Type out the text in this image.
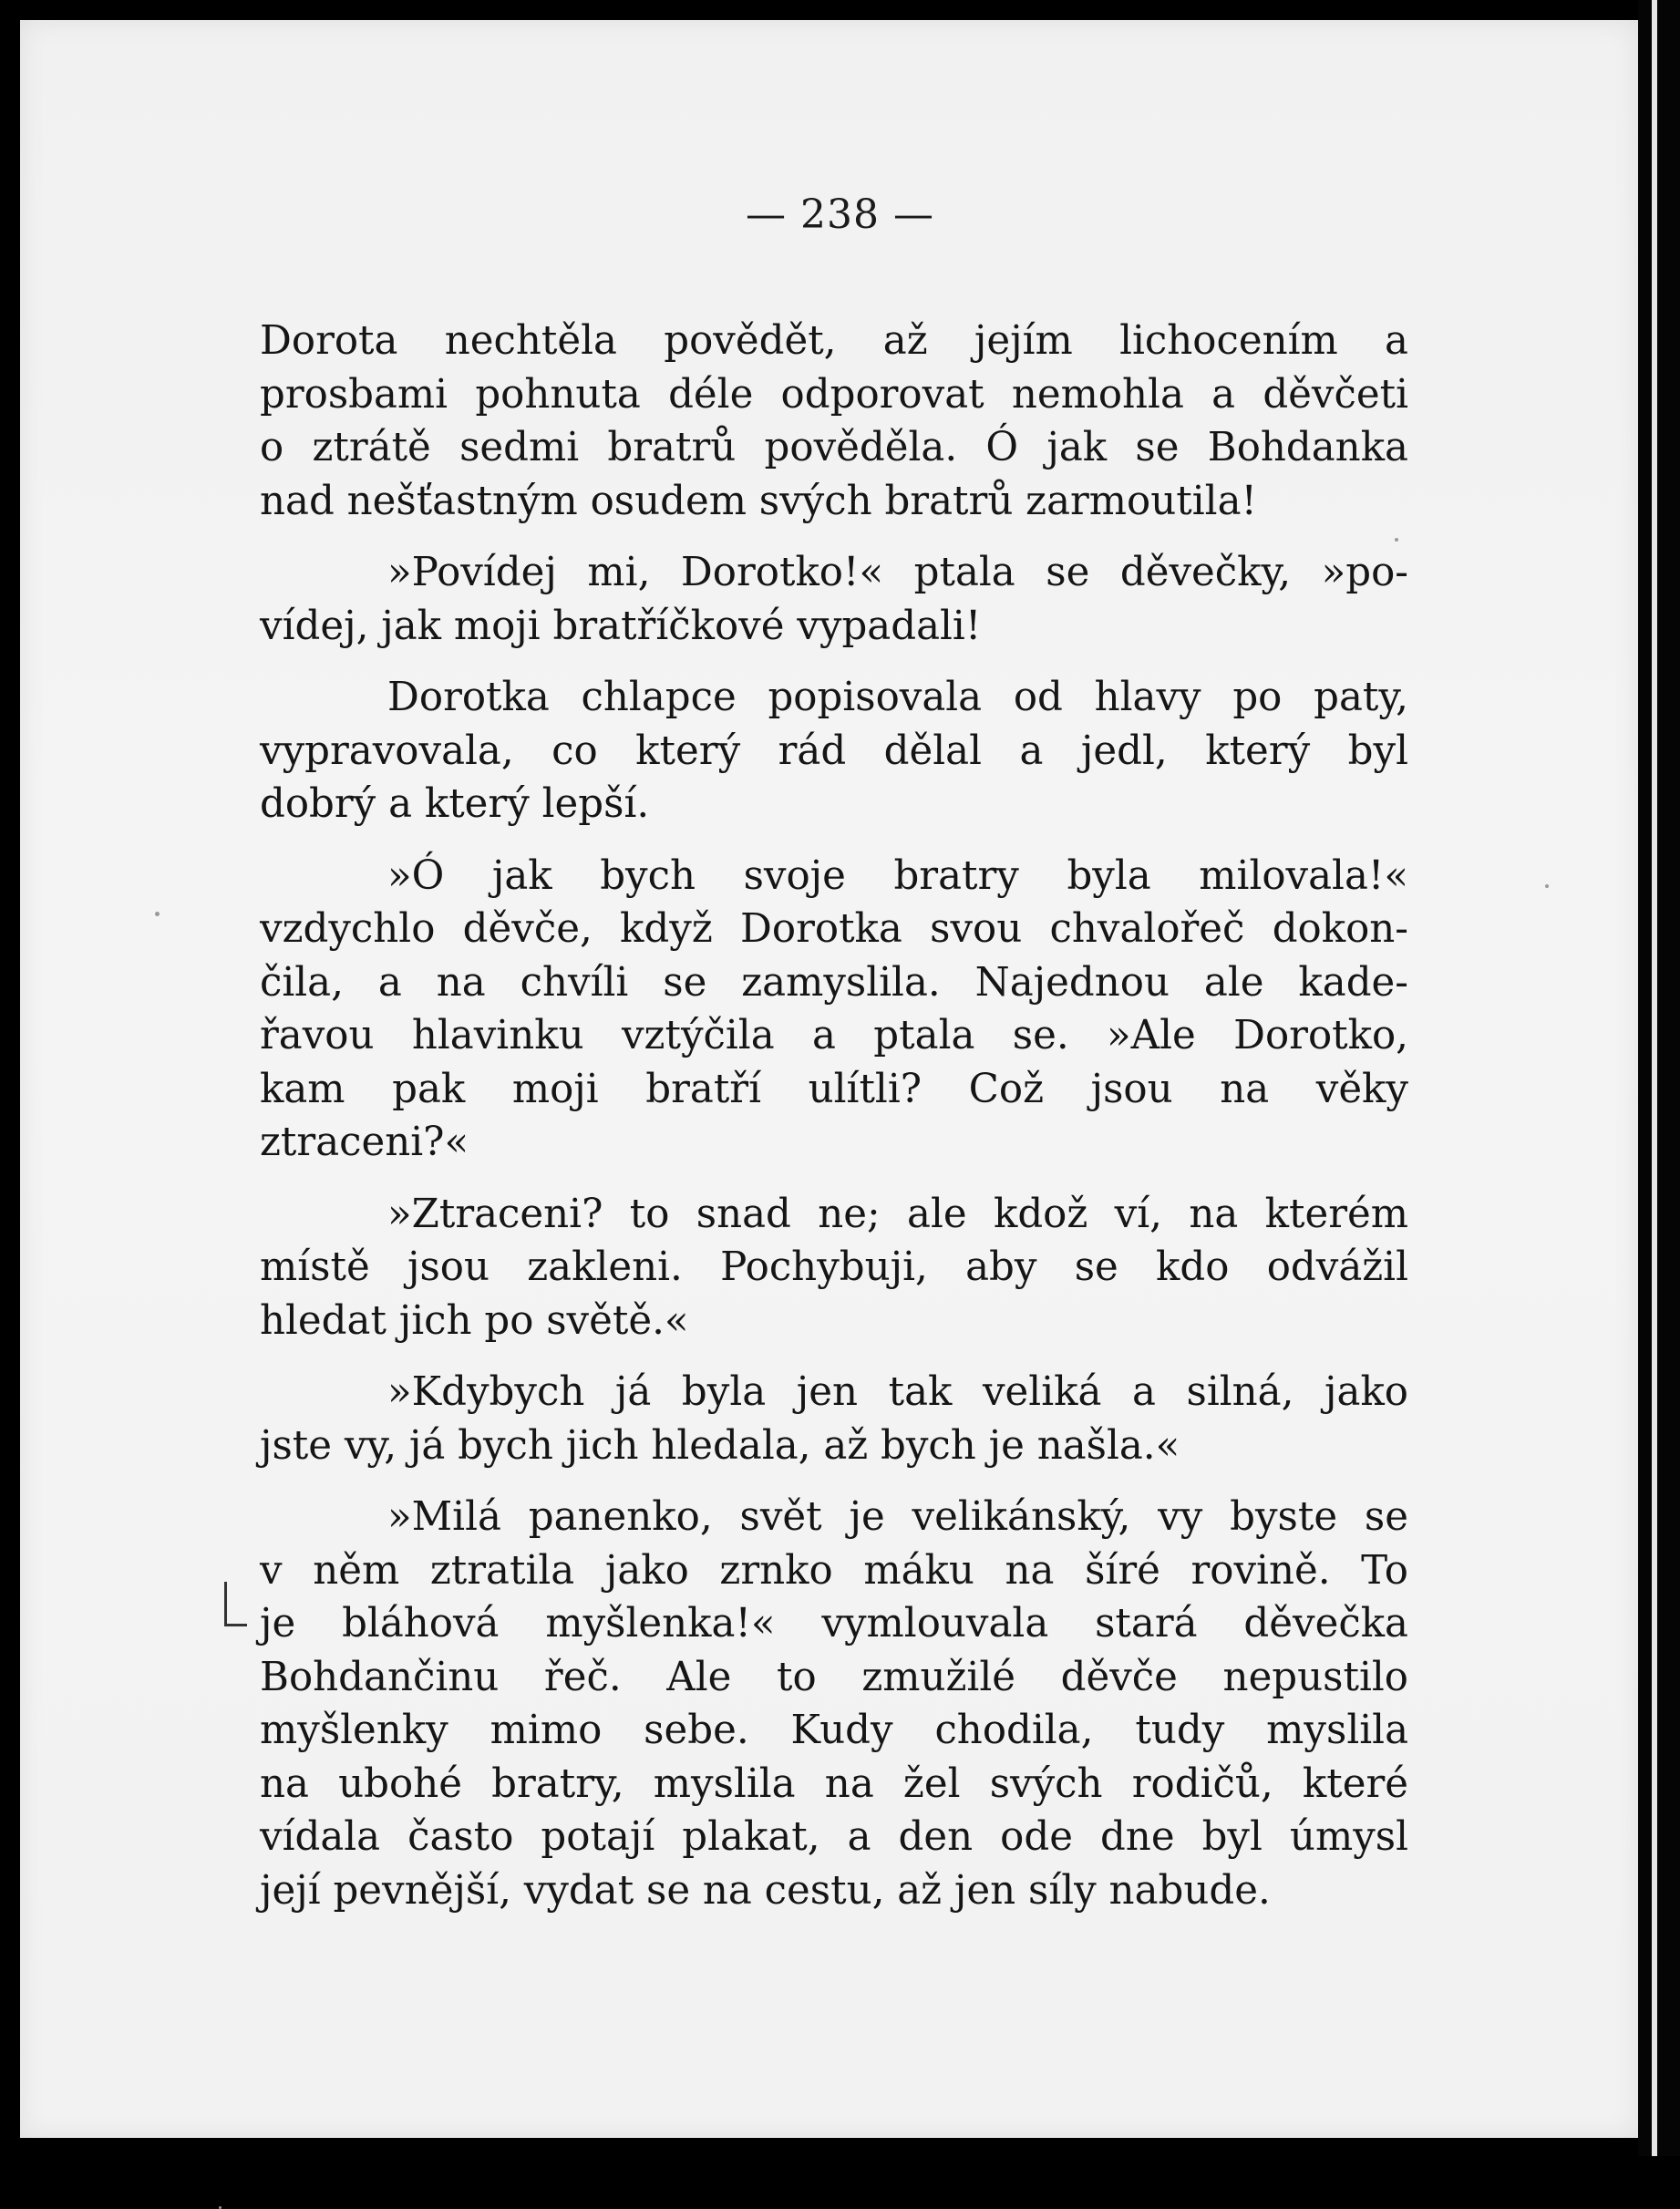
— 238 —
Dorota nechtěla povědět, až jejím lichocením a
prosbami pohnuta déle odporovat nemohla a děvčeti
o ztrátě sedmi bratrů pověděla. Ó jak se Bohdanka
nad nešťastným osudem svých bratrů zarmoutila!
»Povídej mi, Dorotko!« ptala se děvečky, »po-
vídej, jak moji bratříčkové vypadali!
Dorotka chlapce popisovala od hlavy po paty,
vypravovala, co který rád dělal a jedl, který byl
dobrý a který lepší.
»Ó jak bych svoje bratry byla milovala!«
vzdychlo děvče, když Dorotka svou chvalořeč dokon-
čila, a na chvíli se zamyslila. Najednou ale kade-
řavou hlavinku vztýčila a ptala se. »Ale Dorotko,
kam pak moji bratří ulítli? Což jsou na věky
ztraceni?«
»Ztraceni? to snad ne; ale kdož ví, na kterém
místě jsou zakleni. Pochybuji, aby se kdo odvážil
hledat jich po světě.«
»Kdybych já byla jen tak veliká a silná, jako
jste vy, já bych jich hledala, až bych je našla.«
»Milá panenko, svět je velikánský, vy byste se
v něm ztratila jako zrnko máku na šíré rovině. To
je bláhová myšlenka!« vymlouvala stará děvečka
Bohdančinu řeč. Ale to zmužilé děvče nepustilo
myšlenky mimo sebe. Kudy chodila, tudy myslila
na ubohé bratry, myslila na žel svých rodičů, které
vídala často potají plakat, a den ode dne byl úmysl
její pevnější, vydat se na cestu, až jen síly nabude.
